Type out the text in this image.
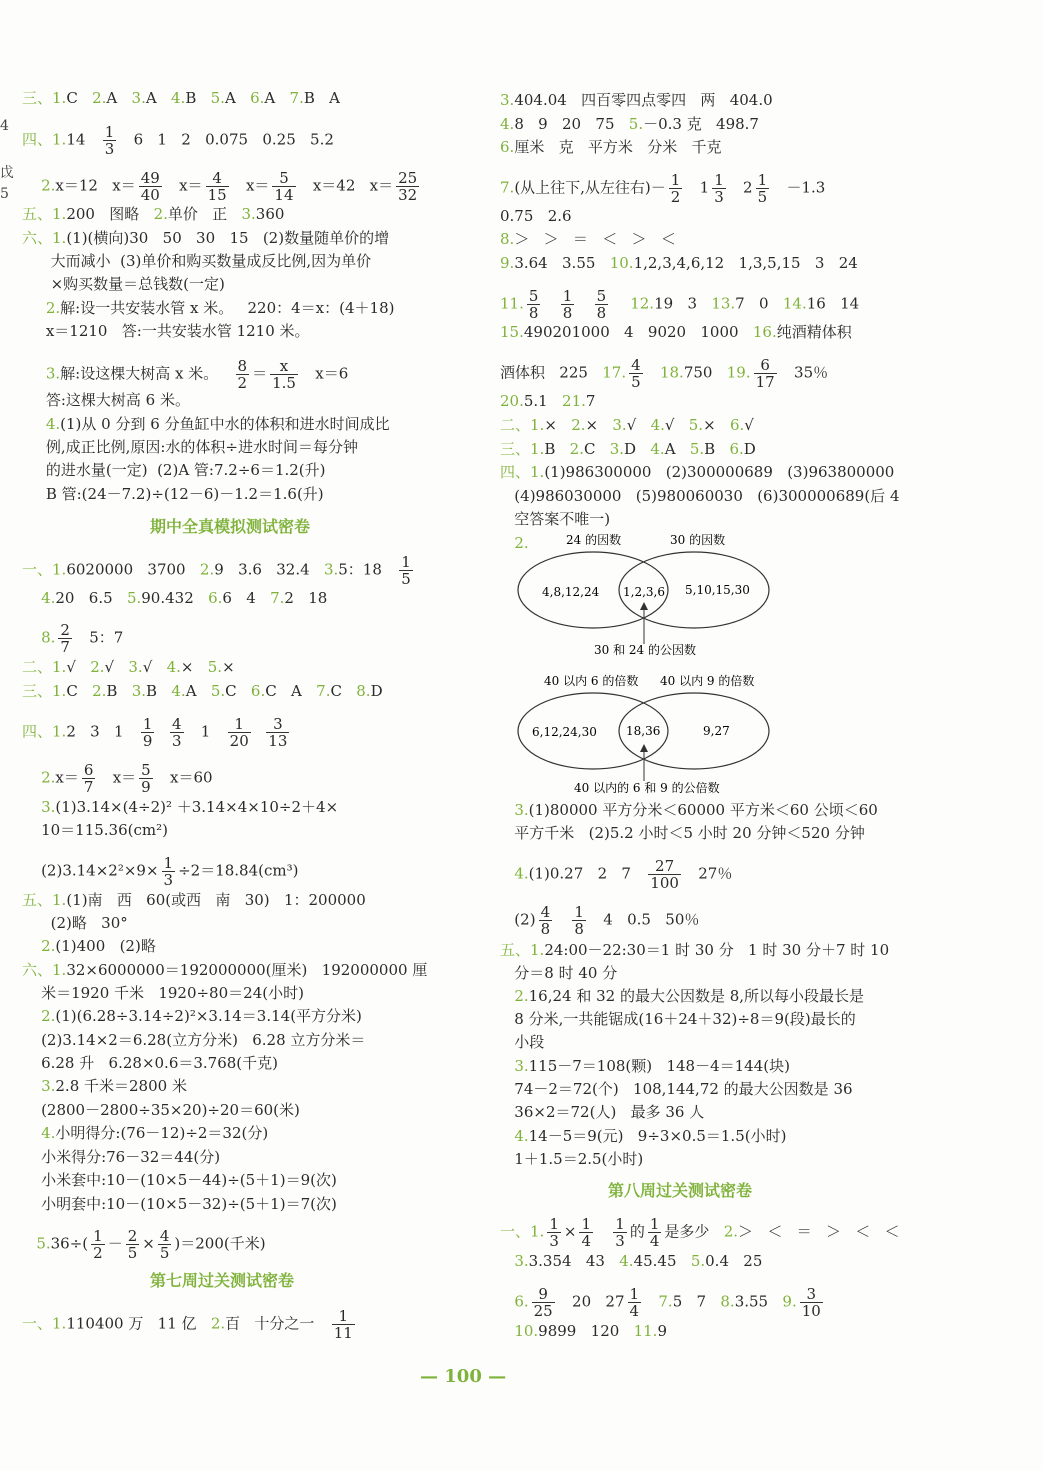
4
戉
5
三、1.C   2.A   3.A   4.B   5.A   6.A   7.B   A
四、$1.14 \frac{1}{3} 6$   1   2   0.075   0.25   5.2
2.x＝12   $x= \frac{49}{40} x= \frac{4}{15} x= \frac{5}{14} x=42$   $x= \frac{25}{32}$
五、1.200   图略   2.单价   正   3.360
六、1.(1)(横向)30   50   30   15   (2)数量随单价的增
大而减小  (3)单价和购买数量成反比例,因为单价
×购买数量＝总钱数(一定)
2.解:设一共安装水管 x 米。   220：4＝x：(4＋18)
x＝1210   答:一共安装水管 1210 米。
3.解:设这棵大树高 x 米。 $\frac{8}{2} = \frac{x}{1.5} x=6$
答:这棵大树高 6 米。
4.(1)从 0 分到 6 分鱼缸中水的体积和进水时间成比
例,成正比例,原因:水的体积÷进水时间＝每分钟
的进水量(一定)  (2)A 管:7.2÷6＝1.2(升)
B 管:(24－7.2)÷(12－6)－1.2＝1.6(升)
一、1.6020000   3700   2.9   3.6   32.4   3.5：$18 \frac{1}{5}$
4.20   6.5   5.90.432   6.6   4   7.2   18
8. $\frac{2}{7} 5$：7
二、1.√   2.√   3.√   4.×   5.×
三、1.C   2.B   3.B   4.A   5.C   6.C   A   7.C   8.D
四、1.2   3   $1 \frac{1}{9}$
$\frac{4}{3} 1 \frac{1}{20}$
$\frac{3}{13}$
$2.x= \frac{6}{7} x= \frac{5}{9} x=60$
3.(1)3.14×(4÷2)² ＋3.14×4×10÷2＋4×
10＝115.36(cm²)
$(2)3.14\times 2^2\times 9\times \frac{1}{3} \div 2=18.84(cm^3)$
五、1.(1)南   西   60(或西   南   30)   1：200000
(2)略   30°
2.(1)400   (2)略
六、1.32×6000000＝192000000(厘米)   192000000 厘
米＝1920 千米   1920÷80＝24(小时)
2.(1)(6.28÷3.14÷2)²×3.14＝3.14(平方分米)
(2)3.14×2＝6.28(立方分米)   6.28 立方分米＝
6.28 升   6.28×0.6＝3.768(千克)
3.2.8 千米＝2800 米
(2800－2800÷35×20)÷20＝60(米)
4.小明得分:(76－12)÷2＝32(分)
小米得分:76－32＝44(分)
小米套中:10－(10×5－44)÷(5＋1)＝9(次)
小明套中:10－(10×5－32)÷(5＋1)＝7(次)
$5.36\div( \frac{1}{2} - \frac{2}{5} \times \frac{4}{5} )=200$(千米)
一、1.110400 万   11 亿   2.百   十分之一 $\frac{1}{11}$
期中全真模拟测试密卷
第七周过关测试密卷
3.404.04   四百零四点零四   两   404.0
4.8   9   20   75   5.－0.3 克   498.7
6.厘米   克   平方米   分米   千克
7.(从上往下,从左往右)－ $\frac{1}{2} 1 \frac{1}{3} 2 \frac{1}{5} -1.3$
0.75   2.6
8.＞   ＞   ＝   ＜   ＞   ＜
9.3.64   3.55   10.1,2,3,4,6,12   1,3,5,15   3   24
11. $\frac{5}{8}$
$\frac{1}{8}$
$\frac{5}{8} 12.19$   3   13.7   0   14.16   14
15.490201000   4   9020   1000   16.纯酒精体积
酒体积   225   17. $\frac{4}{5} 18.750$   19. $\frac{6}{17} 35$％
20.5.1   21.7
二、1.×   2.×   3.√   4.√   5.×   6.√
三、1.B   2.C   3.D   4.A   5.B   6.D
四、1.(1)986300000   (2)300000689   (3)963800000
(4)986030000   (5)980060030   (6)300000689(后 4
空答案不唯一)
2.
3.(1)80000 平方分米＜60000 平方米＜60 公顷＜60
平方千米   (2)5.2 小时＜5 小时 20 分钟＜520 分钟
4.(1)0.27   2   $7 \frac{27}{100} 27$％
$(2) \frac{4}{8}$
$\frac{1}{8} 4$   0.5   50％
五、1.24:00－22:30＝1 时 30 分   1 时 30 分＋7 时 10
分＝8 时 40 分
2.16,24 和 32 的最大公因数是 8,所以每小段最长是
8 分米,一共能锯成(16＋24＋32)÷8＝9(段)最长的
小段
3.115－7＝108(颗)   148－4＝144(块)
74－2＝72(个)   108,144,72 的最大公因数是 36
36×2＝72(人)   最多 36 人
4.14－5＝9(元)   9÷3×0.5＝1.5(小时)
1＋1.5＝2.5(小时)
一、1. $\frac{1}{3} \times \frac{1}{4}$
$\frac{1}{3}$ 的 $\frac{1}{4}$ 是多少   2.＞   ＜   ＝   ＞   ＜   ＜
3.3.354   43   4.45.45   5.0.4   25
6. $\frac{9}{25} 20$   $27 \frac{1}{4} 7.5$   7   8.3.55   9. $\frac{3}{10}$
10.9899   120   11.9
第八周过关测试密卷
24 的因数	30 的因数
4,8,12,24 1,2,3,6 5,10,15,30
30 和 24 的公因数
40 以内 6 的倍数 40 以内 9 的倍数
6,12,24,30 18,36	9,27
40 以内的 6 和 9 的公倍数
— 100 —
